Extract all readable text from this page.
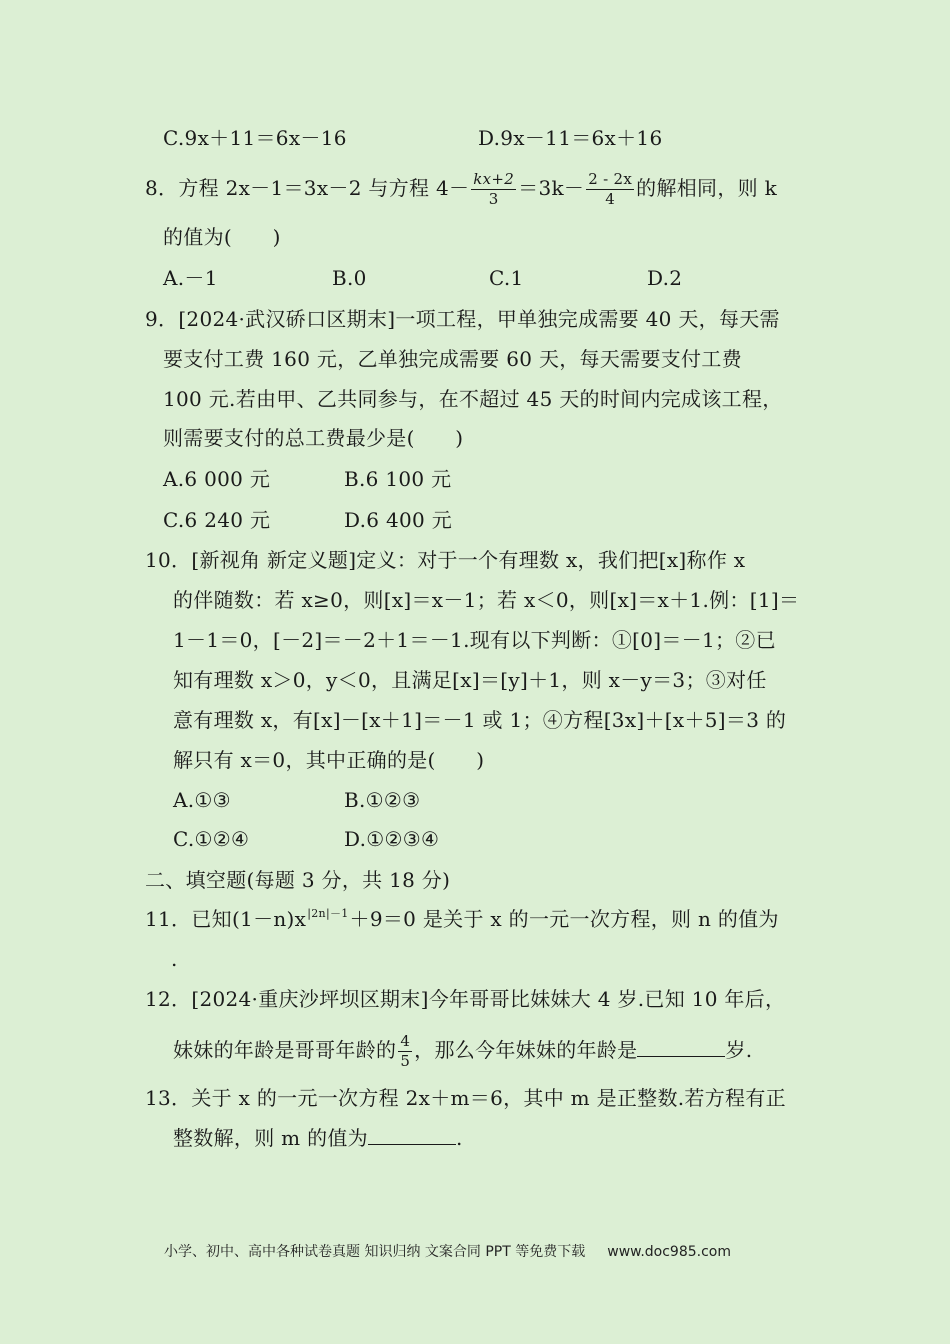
C.9x＋11＝6x－16	D.9x－11＝6x＋16
8．方程 2x－1＝3x－2 与方程 $4- \frac{kx+2}{3} =3k- \frac{2 - 2x}{4}$ 的解相同，则 k
的值为(　　)
A.－1	B.0	C.1	D.2
9．[2024·武汉硚口区期末]一项工程，甲单独完成需要 40 天，每天需
要支付工费 160 元，乙单独完成需要 60 天，每天需要支付工费
100 元.若由甲、乙共同参与，在不超过 45 天的时间内完成该工程，
则需要支付的总工费最少是(　　)
A.6 000 元	B.6 100 元
C.6 240 元	D.6 400 元
10．[新视角 新定义题]定义：对于一个有理数 x，我们把[x]称作 x
的伴随数：若 x≥0，则[x]＝x－1；若 x＜0，则[x]＝x＋1.例：[1]＝
1－1＝0，[－2]＝－2＋1＝－1.现有以下判断：①[0]＝－1；②已
知有理数 x＞0，y＜0，且满足[x]＝[y]＋1，则 x－y＝3；③对任
意有理数 x，有[x]－[x＋1]＝－1 或 1；④方程[3x]＋[x＋5]＝3 的
解只有 x＝0，其中正确的是(　　)
A.①③	B.①②③
C.①②④	D.①②③④
二、填空题(每题 3 分，共 18 分)
11．已知$(1-n)x^{|2n|-1}+9=0$ 是关于 x 的一元一次方程，则 n 的值为
.
12．[2024·重庆沙坪坝区期末]今年哥哥比妹妹大 4 岁.已知 10 年后，
妹妹的年龄是哥哥年龄的 $\frac{4}{5}$ ，那么今年妹妹的年龄是	岁.
13．关于 x 的一元一次方程 2x＋m＝6，其中 m 是正整数.若方程有正
整数解，则 m 的值为	.
小学、初中、高中各种试卷真题 知识归纳 文案合同 PPT 等免费下载 www.doc985.com
